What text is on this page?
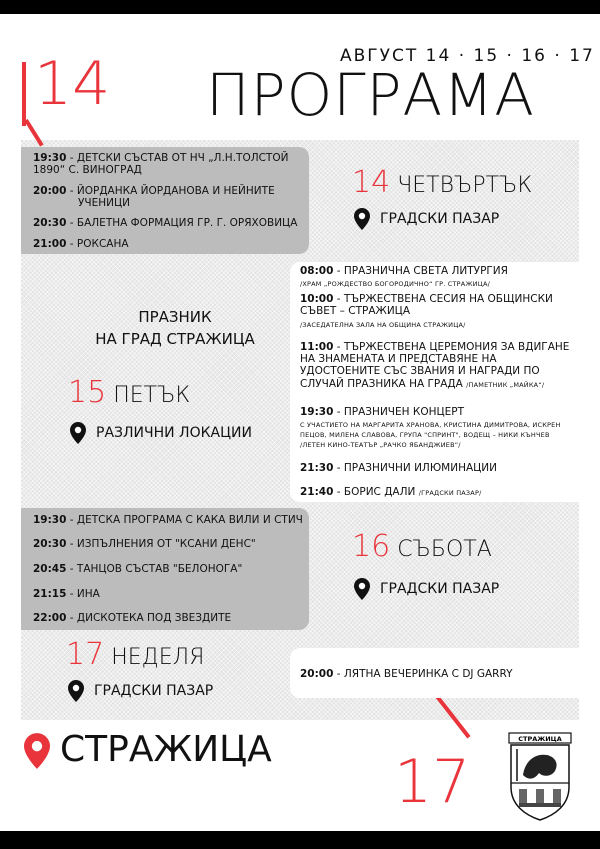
14	АВГУСТ 14 · 15 · 16 · 17
ПРОГРАМА
19:30 - ДЕТСКИ СЪСТАВ ОТ НЧ „Л.Н.ТОЛСТОЙ
1890“ С. ВИНОГРАД
20:00 - ЙОРДАНКА ЙОРДАНОВА И НЕЙНИТЕ
УЧЕНИЦИ
20:30 - БАЛЕТНА ФОРМАЦИЯ ГР. Г. ОРЯХОВИЦА
21:00 - РОКСАНА
14 ЧЕТВЪРТЪК
ГРАДСКИ ПАЗАР
ПРАЗНИК
НА ГРАД СТРАЖИЦА
15 ПЕТЪК
РАЗЛИЧНИ ЛОКАЦИИ
08:00 - ПРАЗНИЧНА СВЕТА ЛИТУРГИЯ
/ХРАМ „РОЖДЕСТВО БОГОРОДИЧНО“ ГР. СТРАЖИЦА/
10:00 - ТЪРЖЕСТВЕНА СЕСИЯ НА ОБЩИНСКИ
СЪВЕТ – СТРАЖИЦА
/ЗАСЕДАТЕЛНА ЗАЛА НА ОБЩИНА СТРАЖИЦА/
11:00 - ТЪРЖЕСТВЕНА ЦЕРЕМОНИЯ ЗА ВДИГАНЕ
НА ЗНАМЕНАТА И ПРЕДСТАВЯНЕ НА
УДОСТОЕНИТЕ СЪС ЗВАНИЯ И НАГРАДИ ПО
СЛУЧАЙ ПРАЗНИКА НА ГРАДА /ПАМЕТНИК „МАЙКА“/
19:30 - ПРАЗНИЧЕН КОНЦЕРТ
С УЧАСТИЕТО НА МАРГАРИТА ХРАНОВА, КРИСТИНА ДИМИТРОВА, ИСКРЕН
ПЕЦОВ, МИЛЕНА СЛАВОВА, ГРУПА "СПРИНТ", ВОДЕЩ – НИКИ КЪНЧЕВ
/ЛЕТЕН КИНО-ТЕАТЪР „РАЧКО ЯБАНДЖИЕВ“/
21:30 - ПРАЗНИЧНИ ИЛЮМИНАЦИИ
21:40 - БОРИС ДАЛИ /ГРАДСКИ ПАЗАР/
19:30 - ДЕТСКА ПРОГРАМА С КАКА ВИЛИ И СТИЧ
20:30 - ИЗПЪЛНЕНИЯ ОТ "КСАНИ ДЕНС"
20:45 - ТАНЦОВ СЪСТАВ "БЕЛОНОГА"
21:15 - ИНА
22:00 - ДИСКОТЕКА ПОД ЗВЕЗДИТЕ
16 СЪБОТА
ГРАДСКИ ПАЗАР
17 НЕДЕЛЯ
ГРАДСКИ ПАЗАР
20:00 - ЛЯТНА ВЕЧЕРИНКА С DJ GARRY
СТРАЖИЦА 17
СТРАЖИЦА
